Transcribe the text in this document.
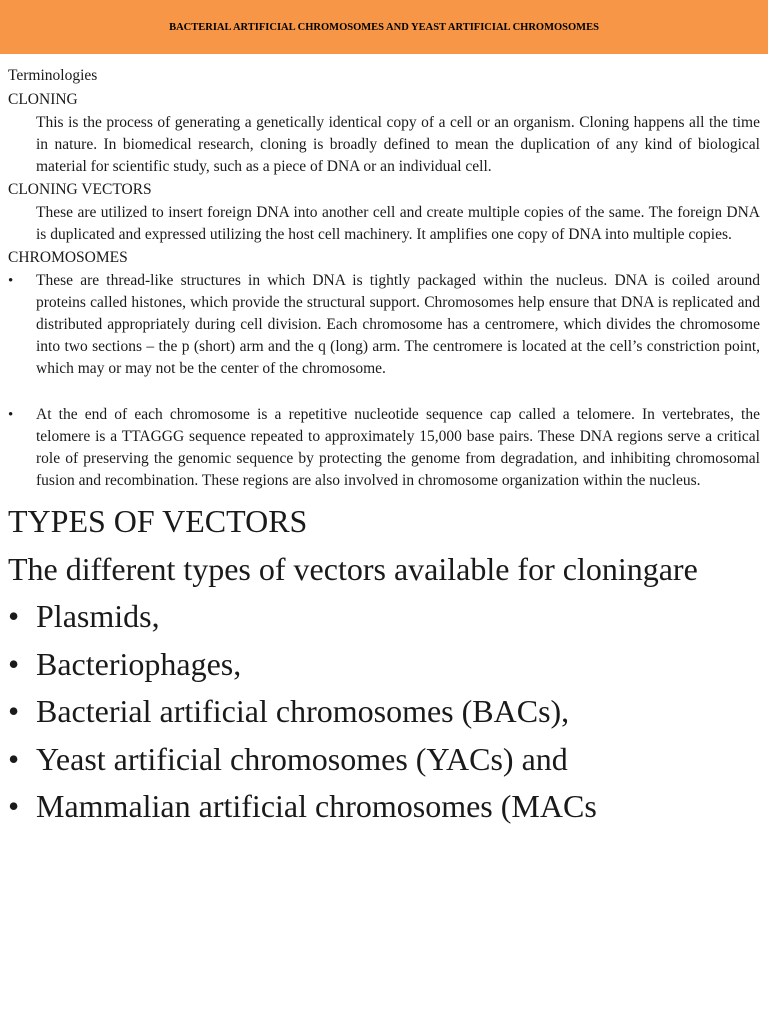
BACTERIAL ARTIFICIAL CHROMOSOMES AND YEAST ARTIFICIAL CHROMOSOMES
Terminologies
CLONING

This is the process of generating a genetically identical copy of a cell or an organism. Cloning happens all the time in nature. In biomedical research, cloning is broadly defined to mean the duplication of any kind of biological material for scientific study, such as a piece of DNA or an individual cell.

CLONING VECTORS

These are utilized to insert foreign DNA into another cell and create multiple copies of the same. The foreign DNA is duplicated and expressed utilizing the host cell machinery. It amplifies one copy of DNA into multiple copies.

CHROMOSOMES
•	These are thread-like structures in which DNA is tightly packaged within the nucleus. DNA is coiled around proteins called histones, which provide the structural support. Chromosomes help ensure that DNA is replicated and distributed appropriately during cell division. Each chromosome has a centromere, which divides the chromosome into two sections – the p (short) arm and the q (long) arm. The centromere is located at the cell’s constriction point, which may or may not be the center of the chromosome.
•	At the end of each chromosome is a repetitive nucleotide sequence cap called a telomere. In vertebrates, the telomere is a TTAGGG sequence repeated to approximately 15,000 base pairs. These DNA regions serve a critical role of preserving the genomic sequence by protecting the genome from degradation, and inhibiting chromosomal fusion and recombination. These regions are also involved in chromosome organization within the nucleus.

TYPES OF VECTORS

The different types of vectors available for cloningare

• Plasmids,
• Bacteriophages,
• Bacterial artificial chromosomes (BACs),
• Yeast artificial chromosomes (YACs) and
• Mammalian artificial chromosomes (MACs
